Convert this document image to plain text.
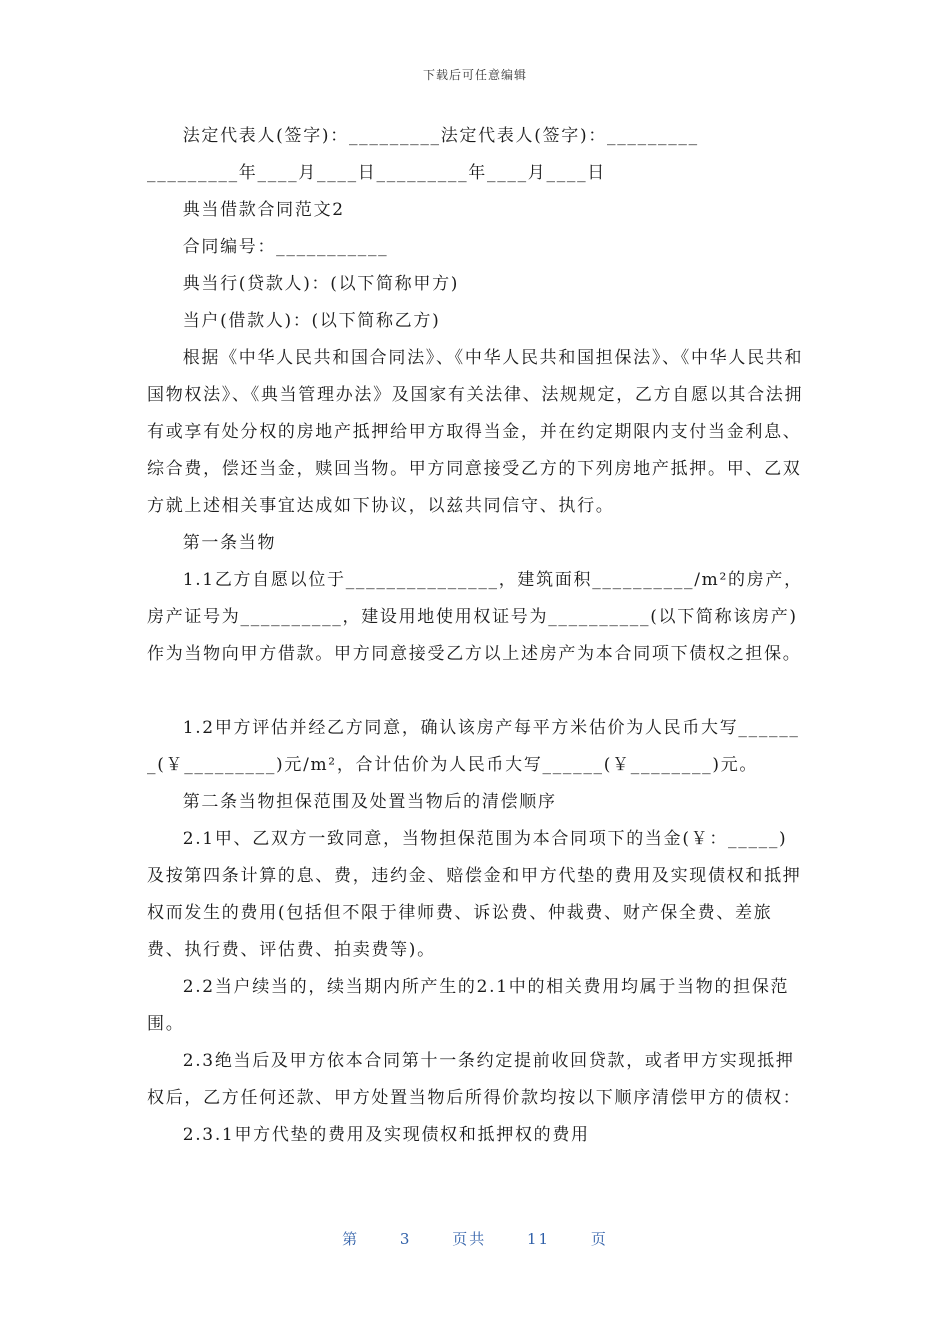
下载后可任意编辑

法定代表人(签字)：_________法定代表人(签字)：_________

_________年____月____日_________年____月____日

典当借款合同范文2

合同编号：___________

典当行(贷款人)：(以下简称甲方)

当户(借款人)：(以下简称乙方)

根据《中华人民共和国合同法》、《中华人民共和国担保法》、《中华人民共和国物权法》、《典当管理办法》及国家有关法律、法规规定，乙方自愿以其合法拥有或享有处分权的房地产抵押给甲方取得当金，并在约定期限内支付当金利息、综合费，偿还当金，赎回当物。甲方同意接受乙方的下列房地产抵押。甲、乙双方就上述相关事宜达成如下协议，以兹共同信守、执行。

第一条当物

1.1乙方自愿以位于_______________，建筑面积__________/m²的房产，房产证号为__________，建设用地使用权证号为__________(以下简称该房产)作为当物向甲方借款。甲方同意接受乙方以上述房产为本合同项下债权之担保。

1.2甲方评估并经乙方同意，确认该房产每平方米估价为人民币大写_______(￥_________)元/m²，合计估价为人民币大写______(￥________)元。

第二条当物担保范围及处置当物后的清偿顺序

2.1甲、乙双方一致同意，当物担保范围为本合同项下的当金(￥：_____)及按第四条计算的息、费，违约金、赔偿金和甲方代垫的费用及实现债权和抵押权而发生的费用(包括但不限于律师费、诉讼费、仲裁费、财产保全费、差旅费、执行费、评估费、拍卖费等)。

2.2当户续当的，续当期内所产生的2.1中的相关费用均属于当物的担保范围。

2.3绝当后及甲方依本合同第十一条约定提前收回贷款，或者甲方实现抵押权后，乙方任何还款、甲方处置当物后所得价款均按以下顺序清偿甲方的债权：

2.3.1甲方代垫的费用及实现债权和抵押权的费用

第	3	页共	11	页
